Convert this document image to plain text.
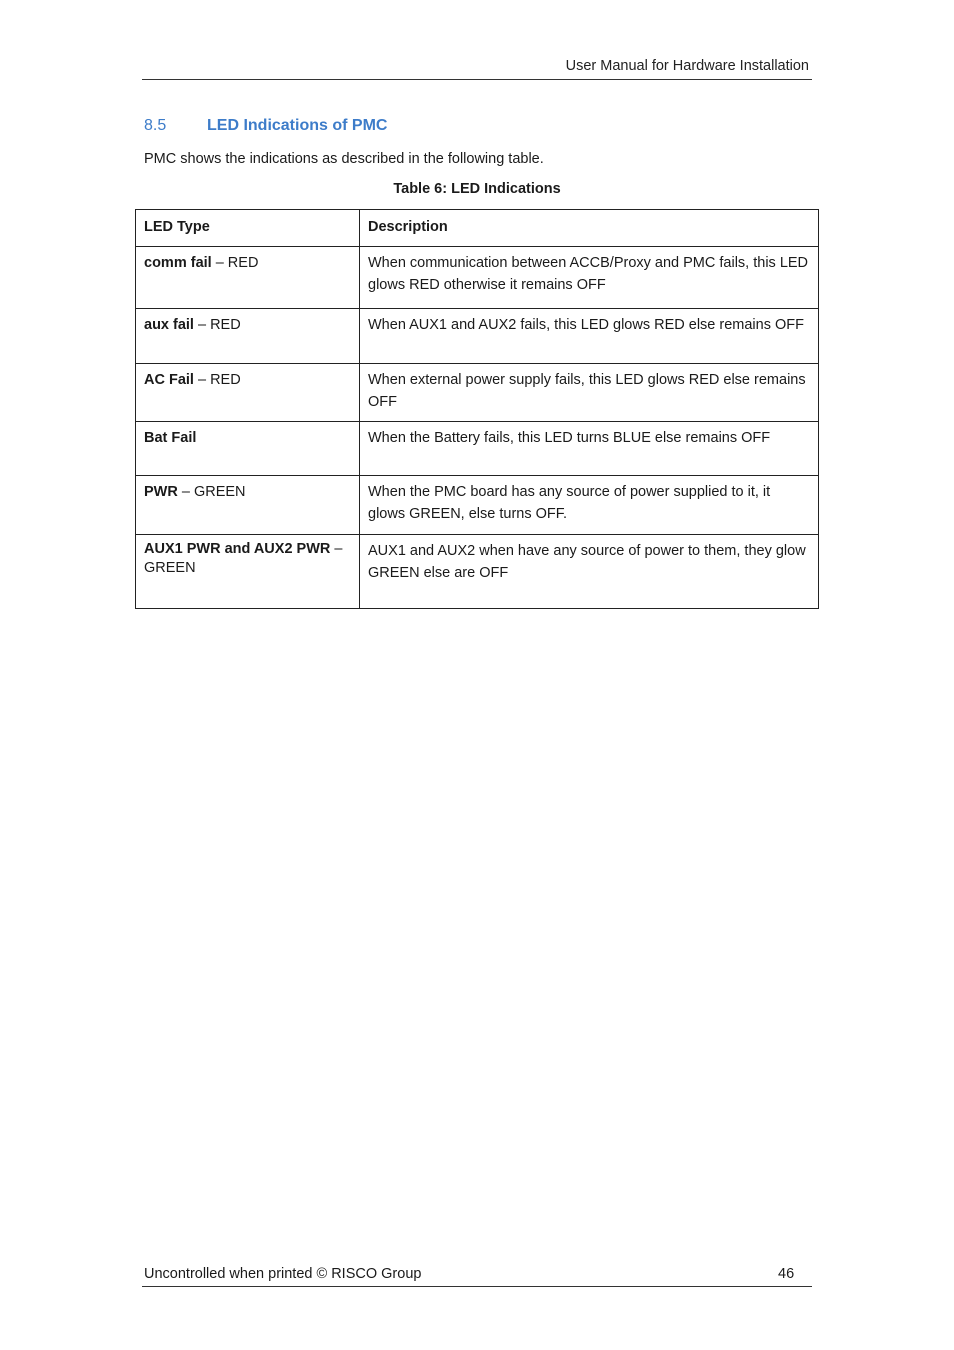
User Manual for Hardware Installation
8.5	LED Indications of PMC
PMC shows the indications as described in the following table.
Table 6: LED Indications
LED Type	Description
comm fail – RED	When communication between ACCB/Proxy and PMC fails, this LED glows RED otherwise it remains OFF
aux fail – RED	When AUX1 and AUX2 fails, this LED glows RED else remains OFF
AC Fail – RED	When external power supply fails, this LED glows RED else remains OFF
Bat Fail	When the Battery fails, this LED turns BLUE else remains OFF
PWR – GREEN	When the PMC board has any source of power supplied to it, it glows GREEN, else turns OFF.
AUX1 PWR and AUX2 PWR – GREEN	AUX1 and AUX2 when have any source of power to them, they glow GREEN else are OFF
Uncontrolled when printed © RISCO Group	46
